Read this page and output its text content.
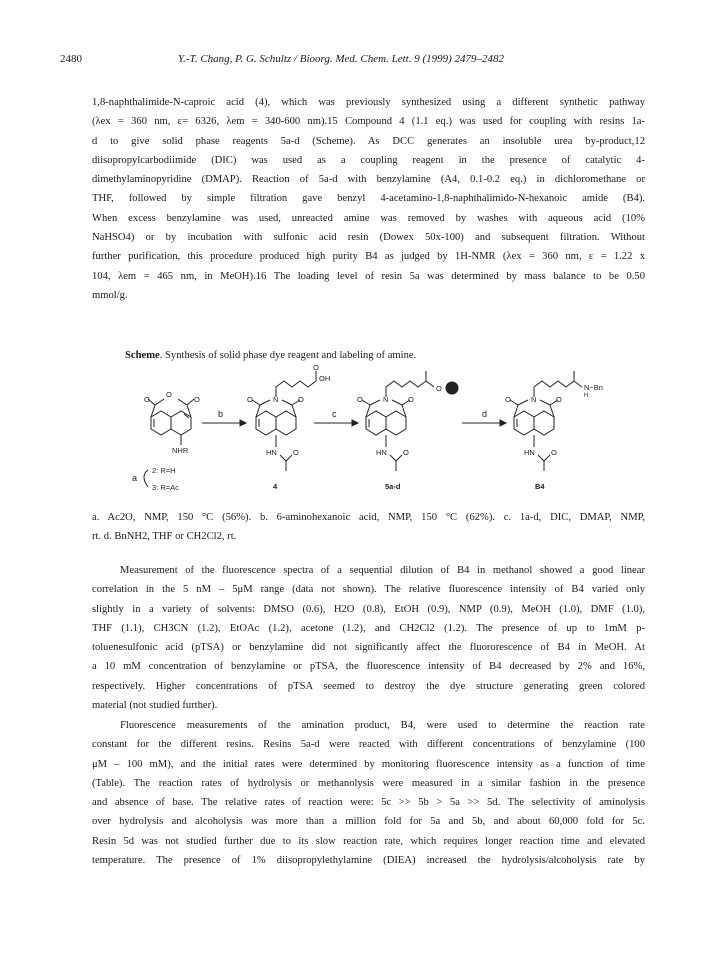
2480	Y.-T. Chang, P. G. Schultz / Bioorg. Med. Chem. Lett. 9 (1999) 2479–2482
1,8-naphthalimide-N-caproic acid (4), which was previously synthesized using a different synthetic pathway
(λex = 360 nm, ε= 6326, λem = 340-600 nm).15 Compound 4 (1.1 eq.) was used for coupling with resins 1a-
d to give solid phase reagents 5a-d (Scheme). As DCC generates an insoluble urea by-product,12
diisopropylcarbodiimide (DIC) was used as a coupling reagent in the presence of catalytic 4-
dimethylaminopyridine (DMAP). Reaction of 5a-d with benzylamine (A4, 0.1-0.2 eq.) in dichloromethane or
THF, followed by simple filtration gave benzyl 4-acetamino-1,8-naphthalimido-N-hexanoic amide (B4).
When excess benzylamine was used, unreacted amine was removed by washes with aqueous acid (10%
NaHSO4) or by incubation with sulfonic acid resin (Dowex 50x-100) and subsequent filtration. Without
further purification, this procedure produced high purity B4 as judged by 1H-NMR (λex = 360 nm, ε = 1.22 x
104, λem = 465 nm, in MeOH).16 The loading level of resin 5a was determined by mass balance to be 0.50
mmol/g.
Scheme. Synthesis of solid phase dye reagent and labeling of amine.
O
O
O
NHR
b
O	N	O
OH
O
HN O
4
c
O	N	O
O
HN O
5a-d
d
O	N	O
N−Bn
H
HN O
B4
a
2: R=H
3: R=Ac
a. Ac2O, NMP, 150 °C (56%). b. 6-aminohexanoic acid, NMP, 150 °C (62%). c. 1a-d, DIC, DMAP, NMP,
rt. d. BnNH2, THF or CH2Cl2, rt.
Measurement of the fluorescence spectra of a sequential dilution of B4 in methanol showed a good linear
correlation in the 5 nM – 5μM range (data not shown). The relative fluorescence intensity of B4 varied only
slightly in a variety of solvents: DMSO (0.6), H2O (0.8), EtOH (0.9), NMP (0.9), MeOH (1.0), DMF (1.0),
THF (1.1), CH3CN (1.2), EtOAc (1.2), acetone (1.2), and CH2Cl2 (1.2). The presence of up to 1mM p-
toluenesulfonic acid (pTSA) or benzylamine did not significantly affect the fluororescence of B4 in MeOH. At
a 10 mM concentration of benzylamine or pTSA, the fluorescence intensity of B4 decreased by 2% and 16%,
respectively. Higher concentrations of pTSA seemed to destroy the dye structure generating green colored
material (not studied further).
Fluorescence measurements of the amination product, B4, were used to determine the reaction rate
constant for the different resins. Resins 5a-d were reacted with different concentrations of benzylamine (100
μM – 100 mM), and the initial rates were determined by monitoring fluorescence intensity as a function of time
(Table). The reaction rates of hydrolysis or methanolysis were measured in a similar fashion in the presence
and absence of base. The relative rates of reaction were: 5c >> 5b > 5a >> 5d. The selectivity of aminolysis
over hydrolysis and alcoholysis was more than a million fold for 5a and 5b, and about 60,000 fold for 5c.
Resin 5d was not studied further due to its slow reaction rate, which requires longer reaction time and elevated
temperature. The presence of 1% diisopropylethylamine (DIEA) increased the hydrolysis/alcoholysis rate by
